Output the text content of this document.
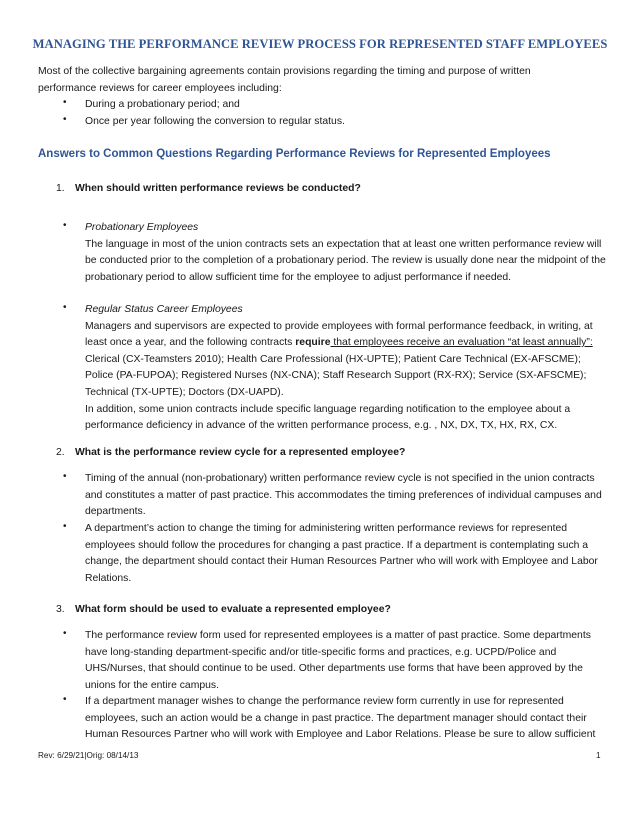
MANAGING THE PERFORMANCE REVIEW PROCESS FOR REPRESENTED STAFF EMPLOYEES

Most of the collective bargaining agreements contain provisions regarding the timing and purpose of written performance reviews for career employees including:

• During a probationary period; and

• Once per year following the conversion to regular status.

Answers to Common Questions Regarding Performance Reviews for Represented Employees
1. When should written performance reviews be conducted?
• Probationary Employees
The language in most of the union contracts sets an expectation that at least one written performance review will be conducted prior to the completion of a probationary period. The review is usually done near the midpoint of the probationary period to allow sufficient time for the employee to adjust performance if needed.
• Regular Status Career Employees
Managers and supervisors are expected to provide employees with formal performance feedback, in writing, at least once a year, and the following contracts require that employees receive an evaluation “at least annually”: Clerical (CX-Teamsters 2010); Health Care Professional (HX-UPTE); Patient Care Technical (EX-AFSCME); Police (PA-FUPOA); Registered Nurses (NX-CNA); Staff Research Support (RX-RX); Service (SX-AFSCME); Technical (TX-UPTE); Doctors (DX-UAPD).
In addition, some union contracts include specific language regarding notification to the employee about a performance deficiency in advance of the written performance process, e.g. , NX, DX, TX, HX, RX, CX.
2. What is the performance review cycle for a represented employee?
• Timing of the annual (non-probationary) written performance review cycle is not specified in the union contracts and constitutes a matter of past practice. This accommodates the timing preferences of individual campuses and departments.

• A department’s action to change the timing for administering written performance reviews for represented employees should follow the procedures for changing a past practice. If a department is contemplating such a change, the department should contact their Human Resources Partner who will work with Employee and Labor Relations.

3. What form should be used to evaluate a represented employee?
• The performance review form used for represented employees is a matter of past practice. Some departments have long-standing department-specific and/or title-specific forms and practices, e.g. UCPD/Police and UHS/Nurses, that should continue to be used. Other departments use forms that have been approved by the unions for the entire campus.

• If a department manager wishes to change the performance review form currently in use for represented employees, such an action would be a change in past practice. The department manager should contact their Human Resources Partner who will work with Employee and Labor Relations. Please be sure to allow sufficient

Rev: 6/29/21|Orig: 08/14/13	1
